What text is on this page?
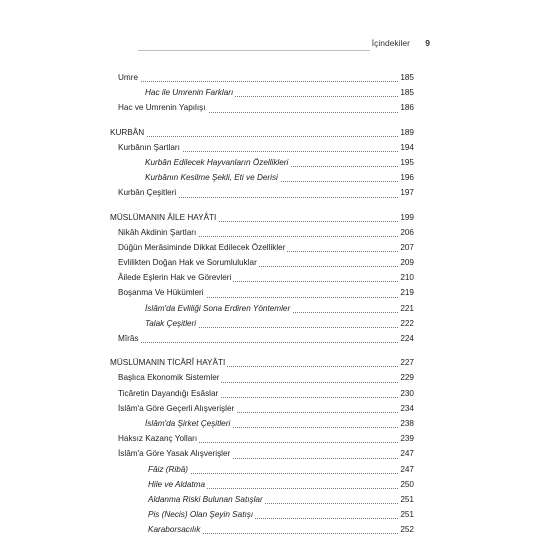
İçindekiler 9
Umre	185
Hac ile Umrenin Farkları	185
Hac ve Umrenin Yapılışı	186
KURBÂN	189
Kurbânın Şartları	194
Kurbân Edilecek Hayvanların Özellikleri	195
Kurbânın Kesilme Şekli, Eti ve Derisi	196
Kurbân Çeşitleri	197
MÜSLÜMANIN ÂİLE HAYÂTI	199
Nikâh Akdinin Şartları	206
Düğün Merâsiminde Dikkat Edilecek Özellikler	207
Evlilikten Doğan Hak ve Sorumluluklar	209
Âilede Eşlerin Hak ve Görevleri	210
Boşanma Ve Hükümleri	219
İslâm'da Evliliği Sona Erdiren Yöntemler	221
Talak Çeşitleri	222
Mîrâs	224
MÜSLÜMANIN TİCÂRÎ HAYÂTI	227
Başlıca Ekonomik Sistemler	229
Ticâretin Dayandığı Esâslar	230
İslâm'a Göre Geçerli Alışverişler	234
İslâm'da Şirket Çeşitleri	238
Haksız Kazanç Yolları	239
İslâm'a Göre Yasak Alışverişler	247
Fâiz (Ribâ)	247
Hile ve Aldatma	250
Aldanma Riski Bulunan Satışlar	251
Pis (Necis) Olan Şeyin Satışı	251
Karaborsacılık	252
